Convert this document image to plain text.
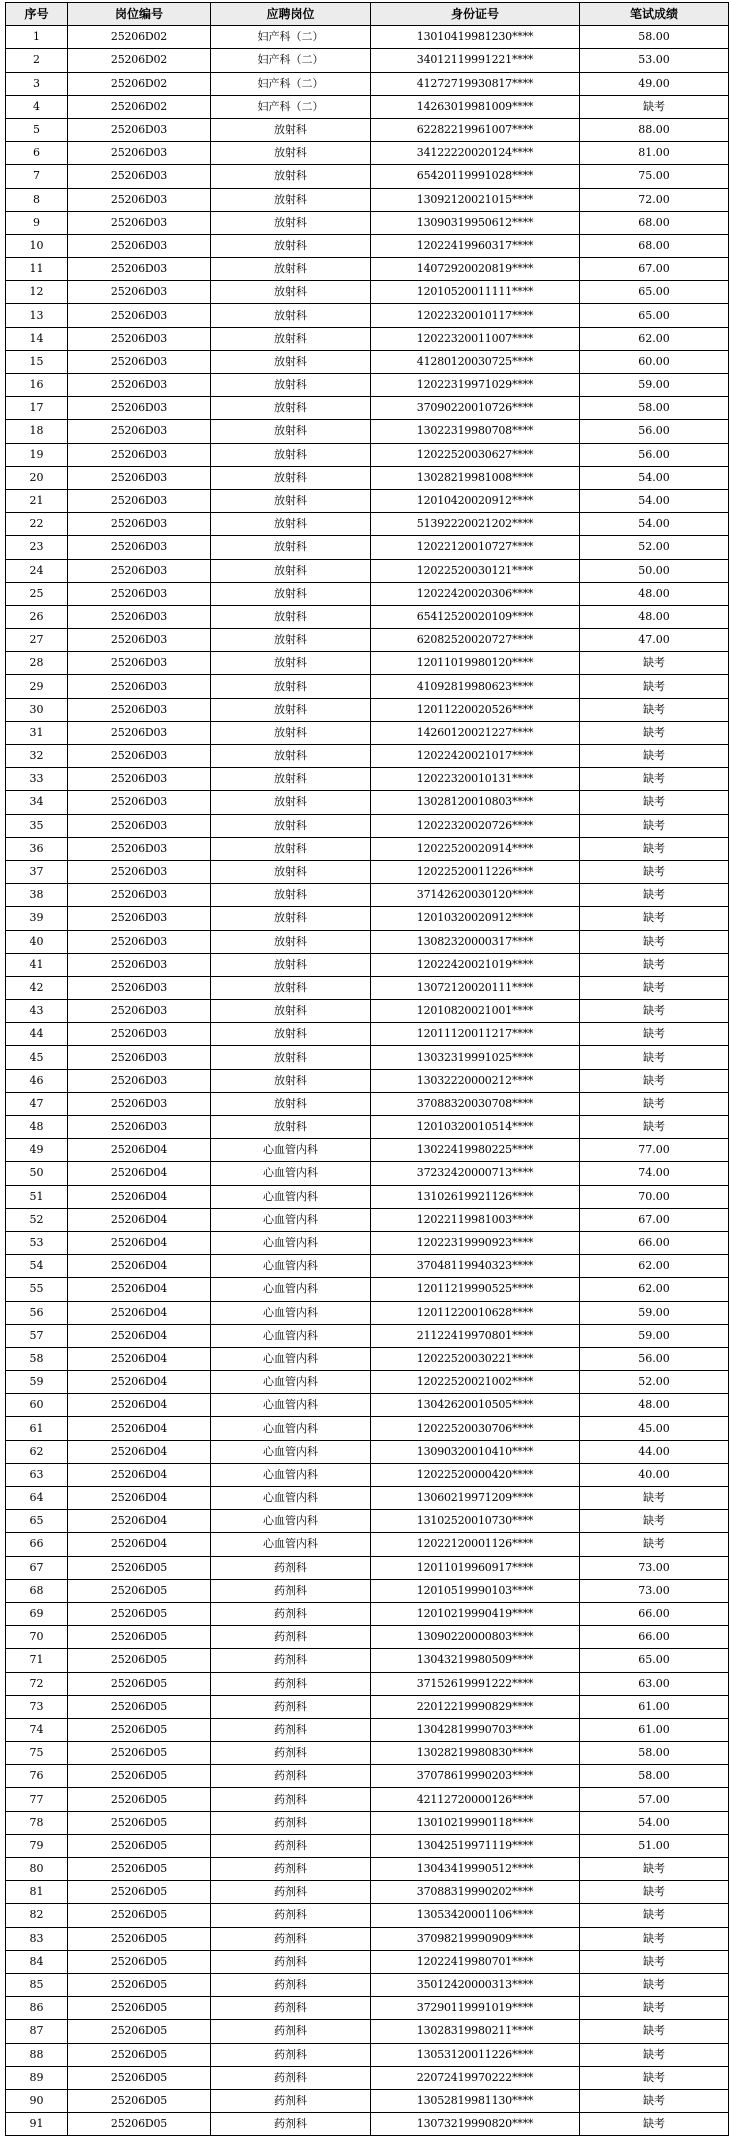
序号	岗位编号	应聘岗位	身份证号	笔试成绩
1	25206D02	妇产科（二）	13010419981230****	58.00
2	25206D02	妇产科（二）	34012119991221****	53.00
3	25206D02	妇产科（二）	41272719930817****	49.00
4	25206D02	妇产科（二）	14263019981009****	缺考
5	25206D03	放射科	62282219961007****	88.00
6	25206D03	放射科	34122220020124****	81.00
7	25206D03	放射科	65420119991028****	75.00
8	25206D03	放射科	13092120021015****	72.00
9	25206D03	放射科	13090319950612****	68.00
10	25206D03	放射科	12022419960317****	68.00
11	25206D03	放射科	14072920020819****	67.00
12	25206D03	放射科	12010520011111****	65.00
13	25206D03	放射科	12022320010117****	65.00
14	25206D03	放射科	12022320011007****	62.00
15	25206D03	放射科	41280120030725****	60.00
16	25206D03	放射科	12022319971029****	59.00
17	25206D03	放射科	37090220010726****	58.00
18	25206D03	放射科	13022319980708****	56.00
19	25206D03	放射科	12022520030627****	56.00
20	25206D03	放射科	13028219981008****	54.00
21	25206D03	放射科	12010420020912****	54.00
22	25206D03	放射科	51392220021202****	54.00
23	25206D03	放射科	12022120010727****	52.00
24	25206D03	放射科	12022520030121****	50.00
25	25206D03	放射科	12022420020306****	48.00
26	25206D03	放射科	65412520020109****	48.00
27	25206D03	放射科	62082520020727****	47.00
28	25206D03	放射科	12011019980120****	缺考
29	25206D03	放射科	41092819980623****	缺考
30	25206D03	放射科	12011220020526****	缺考
31	25206D03	放射科	14260120021227****	缺考
32	25206D03	放射科	12022420021017****	缺考
33	25206D03	放射科	12022320010131****	缺考
34	25206D03	放射科	13028120010803****	缺考
35	25206D03	放射科	12022320020726****	缺考
36	25206D03	放射科	12022520020914****	缺考
37	25206D03	放射科	12022520011226****	缺考
38	25206D03	放射科	37142620030120****	缺考
39	25206D03	放射科	12010320020912****	缺考
40	25206D03	放射科	13082320000317****	缺考
41	25206D03	放射科	12022420021019****	缺考
42	25206D03	放射科	13072120020111****	缺考
43	25206D03	放射科	12010820021001****	缺考
44	25206D03	放射科	12011120011217****	缺考
45	25206D03	放射科	13032319991025****	缺考
46	25206D03	放射科	13032220000212****	缺考
47	25206D03	放射科	37088320030708****	缺考
48	25206D03	放射科	12010320010514****	缺考
49	25206D04	心血管内科	13022419980225****	77.00
50	25206D04	心血管内科	37232420000713****	74.00
51	25206D04	心血管内科	13102619921126****	70.00
52	25206D04	心血管内科	12022119981003****	67.00
53	25206D04	心血管内科	12022319990923****	66.00
54	25206D04	心血管内科	37048119940323****	62.00
55	25206D04	心血管内科	12011219990525****	62.00
56	25206D04	心血管内科	12011220010628****	59.00
57	25206D04	心血管内科	21122419970801****	59.00
58	25206D04	心血管内科	12022520030221****	56.00
59	25206D04	心血管内科	12022520021002****	52.00
60	25206D04	心血管内科	13042620010505****	48.00
61	25206D04	心血管内科	12022520030706****	45.00
62	25206D04	心血管内科	13090320010410****	44.00
63	25206D04	心血管内科	12022520000420****	40.00
64	25206D04	心血管内科	13060219971209****	缺考
65	25206D04	心血管内科	13102520010730****	缺考
66	25206D04	心血管内科	12022120001126****	缺考
67	25206D05	药剂科	12011019960917****	73.00
68	25206D05	药剂科	12010519990103****	73.00
69	25206D05	药剂科	12010219990419****	66.00
70	25206D05	药剂科	13090220000803****	66.00
71	25206D05	药剂科	13043219980509****	65.00
72	25206D05	药剂科	37152619991222****	63.00
73	25206D05	药剂科	22012219990829****	61.00
74	25206D05	药剂科	13042819990703****	61.00
75	25206D05	药剂科	13028219980830****	58.00
76	25206D05	药剂科	37078619990203****	58.00
77	25206D05	药剂科	42112720000126****	57.00
78	25206D05	药剂科	13010219990118****	54.00
79	25206D05	药剂科	13042519971119****	51.00
80	25206D05	药剂科	13043419990512****	缺考
81	25206D05	药剂科	37088319990202****	缺考
82	25206D05	药剂科	13053420001106****	缺考
83	25206D05	药剂科	37098219990909****	缺考
84	25206D05	药剂科	12022419980701****	缺考
85	25206D05	药剂科	35012420000313****	缺考
86	25206D05	药剂科	37290119991019****	缺考
87	25206D05	药剂科	13028319980211****	缺考
88	25206D05	药剂科	13053120011226****	缺考
89	25206D05	药剂科	22072419970222****	缺考
90	25206D05	药剂科	13052819981130****	缺考
91	25206D05	药剂科	13073219990820****	缺考
